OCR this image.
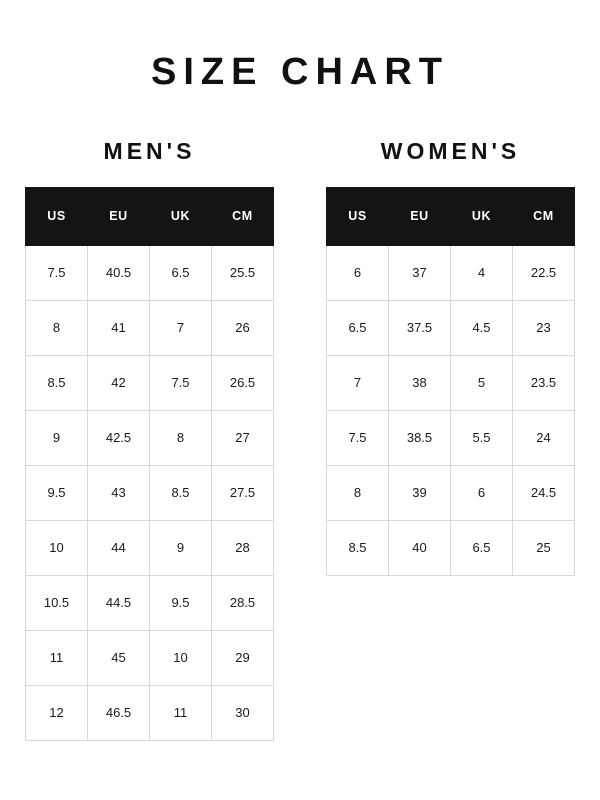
SIZE CHART
MEN'S
US	EU	UK	CM
7.5	40.5	6.5	25.5
8	41	7	26
8.5	42	7.5	26.5
9	42.5	8	27
9.5	43	8.5	27.5
10	44	9	28
10.5	44.5	9.5	28.5
11	45	10	29
12	46.5	11	30
WOMEN'S
US	EU	UK	CM
6	37	4	22.5
6.5	37.5	4.5	23
7	38	5	23.5
7.5	38.5	5.5	24
8	39	6	24.5
8.5	40	6.5	25
